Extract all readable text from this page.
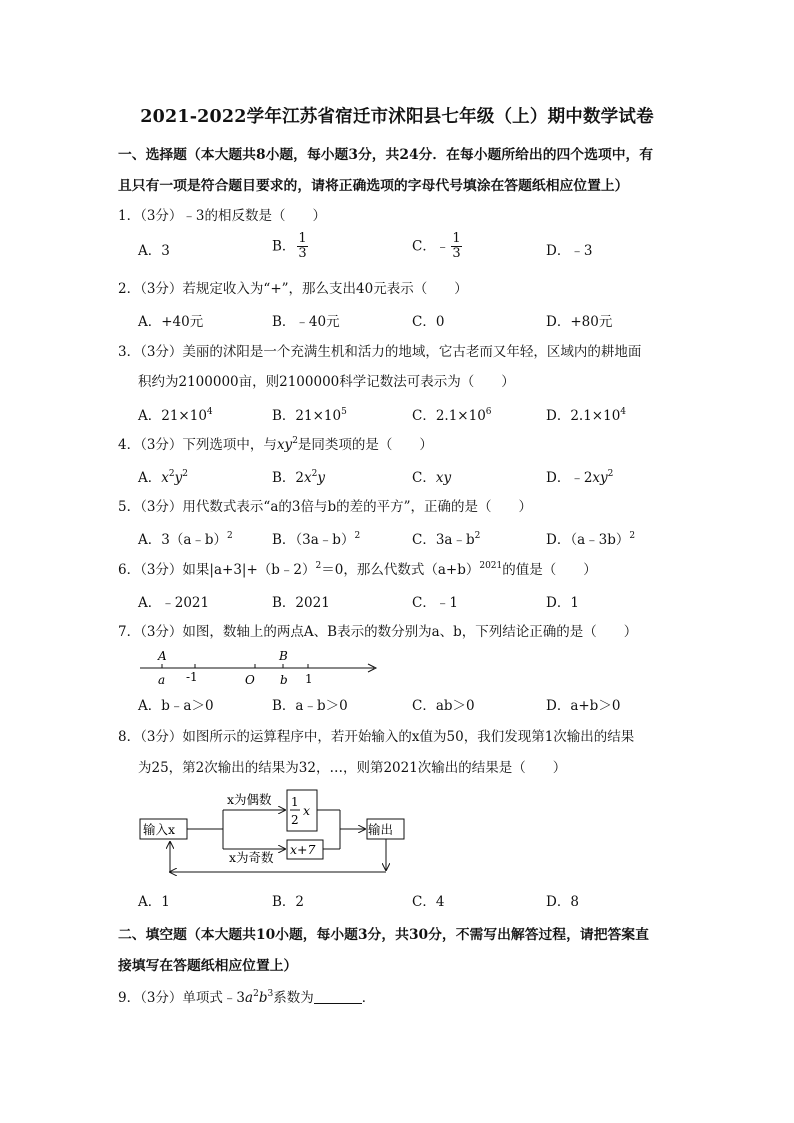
2021-2022学年江苏省宿迁市沭阳县七年级（上）期中数学试卷
一、选择题（本大题共8小题，每小题3分，共24分．在每小题所给出的四个选项中，有
且只有一项是符合题目要求的，请将正确选项的字母代号填涂在答题纸相应位置上）
1．（3分）﹣3的相反数是（　　）
A．3	B． $\frac{1}{3}$	C．﹣ $\frac{1}{3}$	D．﹣3
2．（3分）若规定收入为“+”，那么支出40元表示（　　）
A．+40元	B．﹣40元	C．0	D．+80元
3．（3分）美丽的沭阳是一个充满生机和活力的地域，它古老而又年轻，区域内的耕地面
积约为2100000亩，则2100000科学记数法可表示为（　　）
A．$21\times 10^4$	B．$21\times 10^5$	C．$2.1\times 10^6$	D．$2.1\times 10^4$
4．（3分）下列选项中，与$xy^2$是同类项的是（　　）
A．$x^2y^2$	B．$2x^2y$	C．xy	D．$﹣2xy^2$
5．（3分）用代数式表示“a的3倍与b的差的平方”，正确的是（　　）
A．3（a﹣b）$^2$	B．（3a﹣b）$^2$	C．$3a﹣b^2$	D．（a﹣3b）$^2$
6．（3分）如果|a+3|+（b﹣2）$^2$＝0，那么代数式$(a+b)^{2021}$的值是（　　）
A．﹣2021	B．2021	C．﹣1	D．1
7．（3分）如图，数轴上的两点A、B表示的数分别为a、b，下列结论正确的是（　　）
A	B
a -1	O b 1
A．b﹣a＞0	B．a﹣b＞0	C．ab＞0	D．a+b＞0
8．（3分）如图所示的运算程序中，若开始输入的x值为50，我们发现第1次输出的结果
为25，第2次输出的结果为32，…，则第2021次输出的结果是（　　）
输入x
x为偶数
x为奇数
1
2
x
x+7
输出
A．1	B．2	C．4	D．8
二、填空题（本大题共10小题，每小题3分，共30分，不需写出解答过程，请把答案直
接填写在答题纸相应位置上）
9．（3分）单项式$﹣3a^2b^3$系数为	．
